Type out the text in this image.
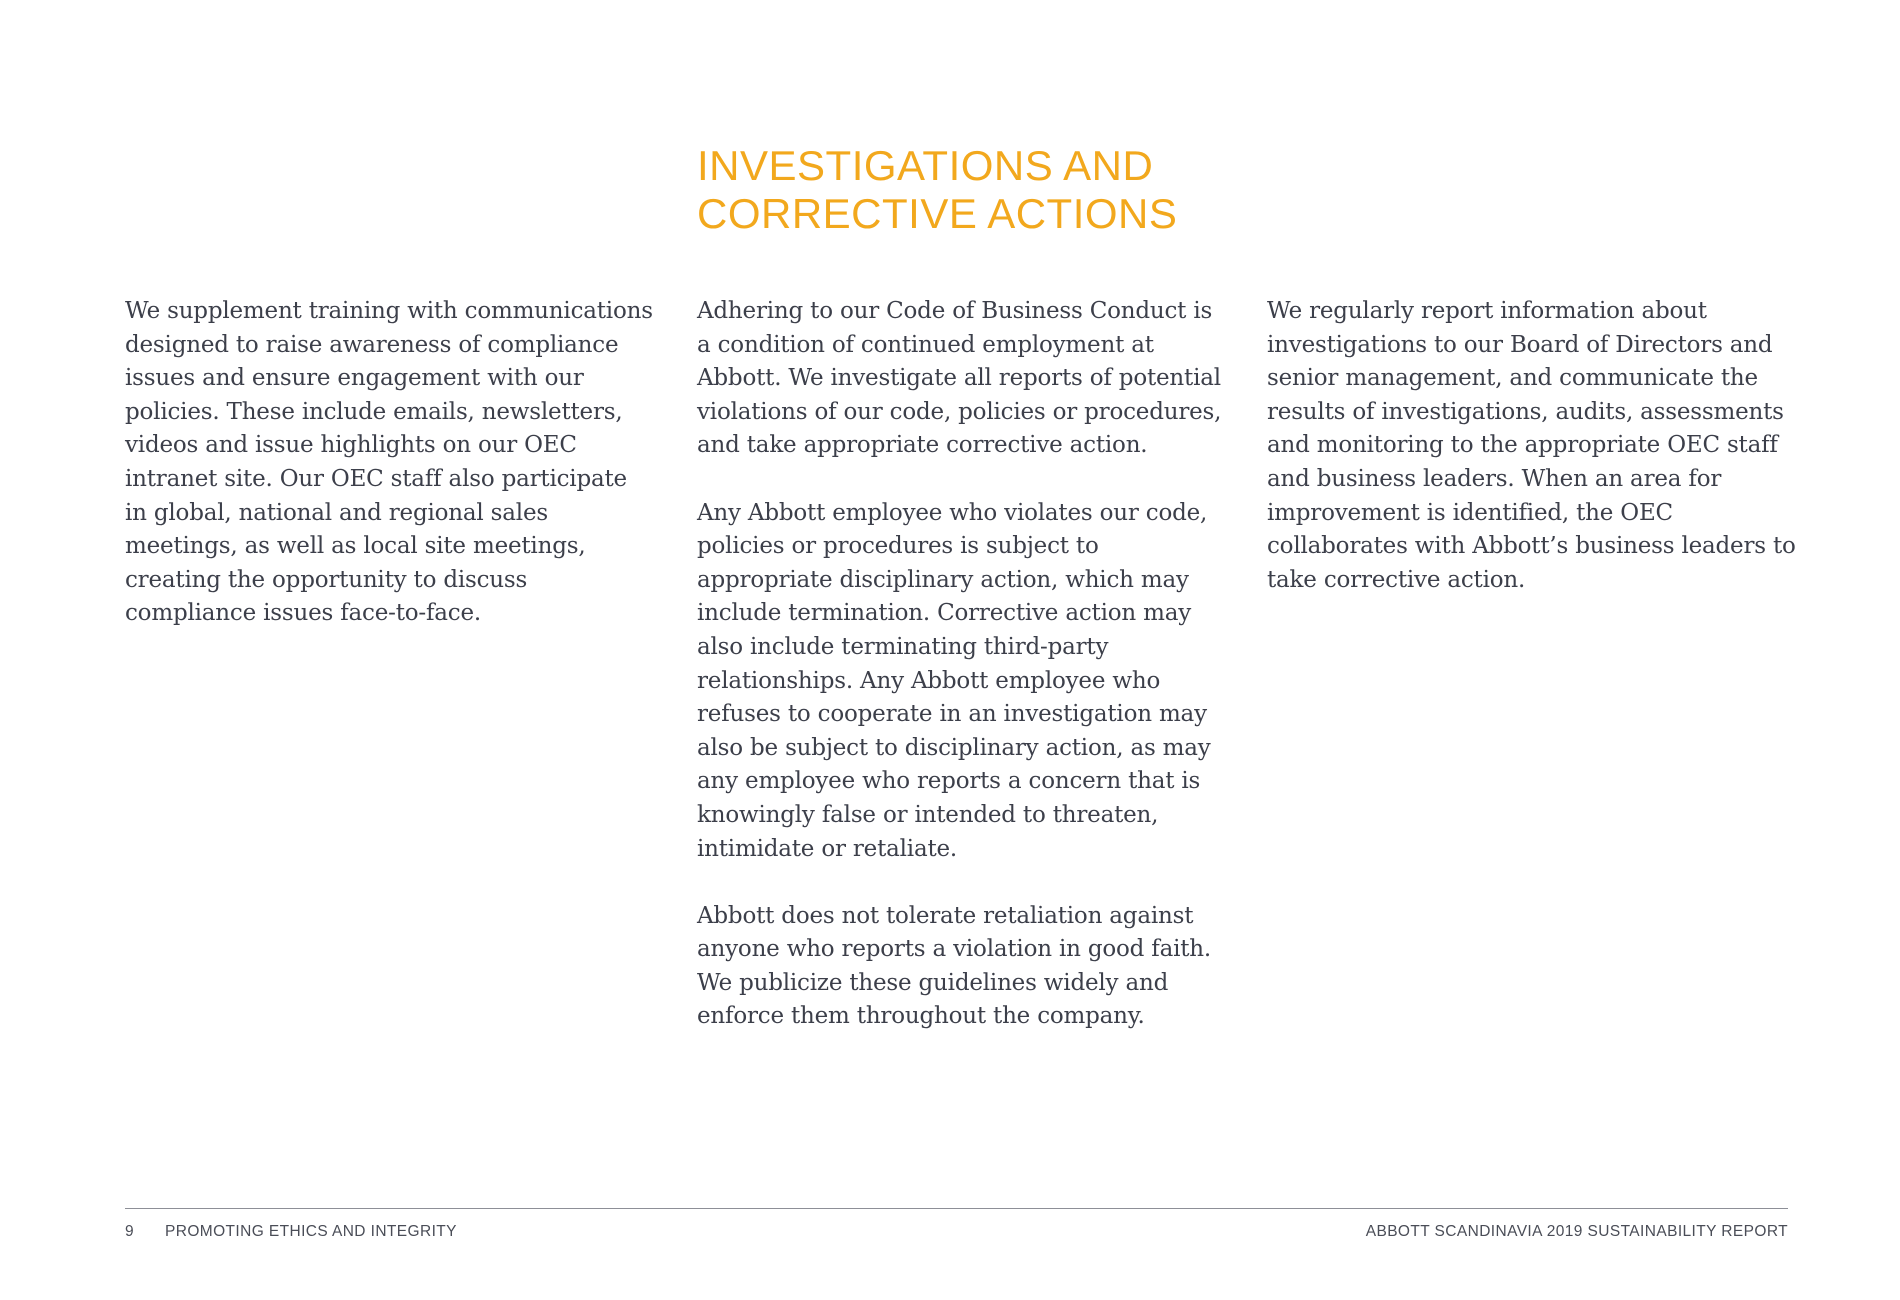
INVESTIGATIONS AND
CORRECTIVE ACTIONS

We supplement training with communications designed to raise awareness of compliance issues and ensure engagement with our policies. These include emails, newsletters, videos and issue highlights on our OEC intranet site. Our OEC staff also participate in global, national and regional sales meetings, as well as local site meetings, creating the opportunity to discuss compliance issues face-to-face.

Adhering to our Code of Business Conduct is a condition of continued employment at Abbott. We investigate all reports of potential violations of our code, policies or procedures, and take appropriate corrective action.

Any Abbott employee who violates our code, policies or procedures is subject to appropriate disciplinary action, which may include termination. Corrective action may also include terminating third-party relationships. Any Abbott employee who refuses to cooperate in an investigation may also be subject to disciplinary action, as may any employee who reports a concern that is knowingly false or intended to threaten, intimidate or retaliate.

Abbott does not tolerate retaliation against anyone who reports a violation in good faith. We publicize these guidelines widely and enforce them throughout the company.

We regularly report information about investigations to our Board of Directors and senior management, and communicate the results of investigations, audits, assessments and monitoring to the appropriate OEC staff and business leaders. When an area for improvement is identified, the OEC collaborates with Abbott’s business leaders to take corrective action.

9 PROMOTING ETHICS AND INTEGRITY	ABBOTT SCANDINAVIA 2019 SUSTAINABILITY REPORT
